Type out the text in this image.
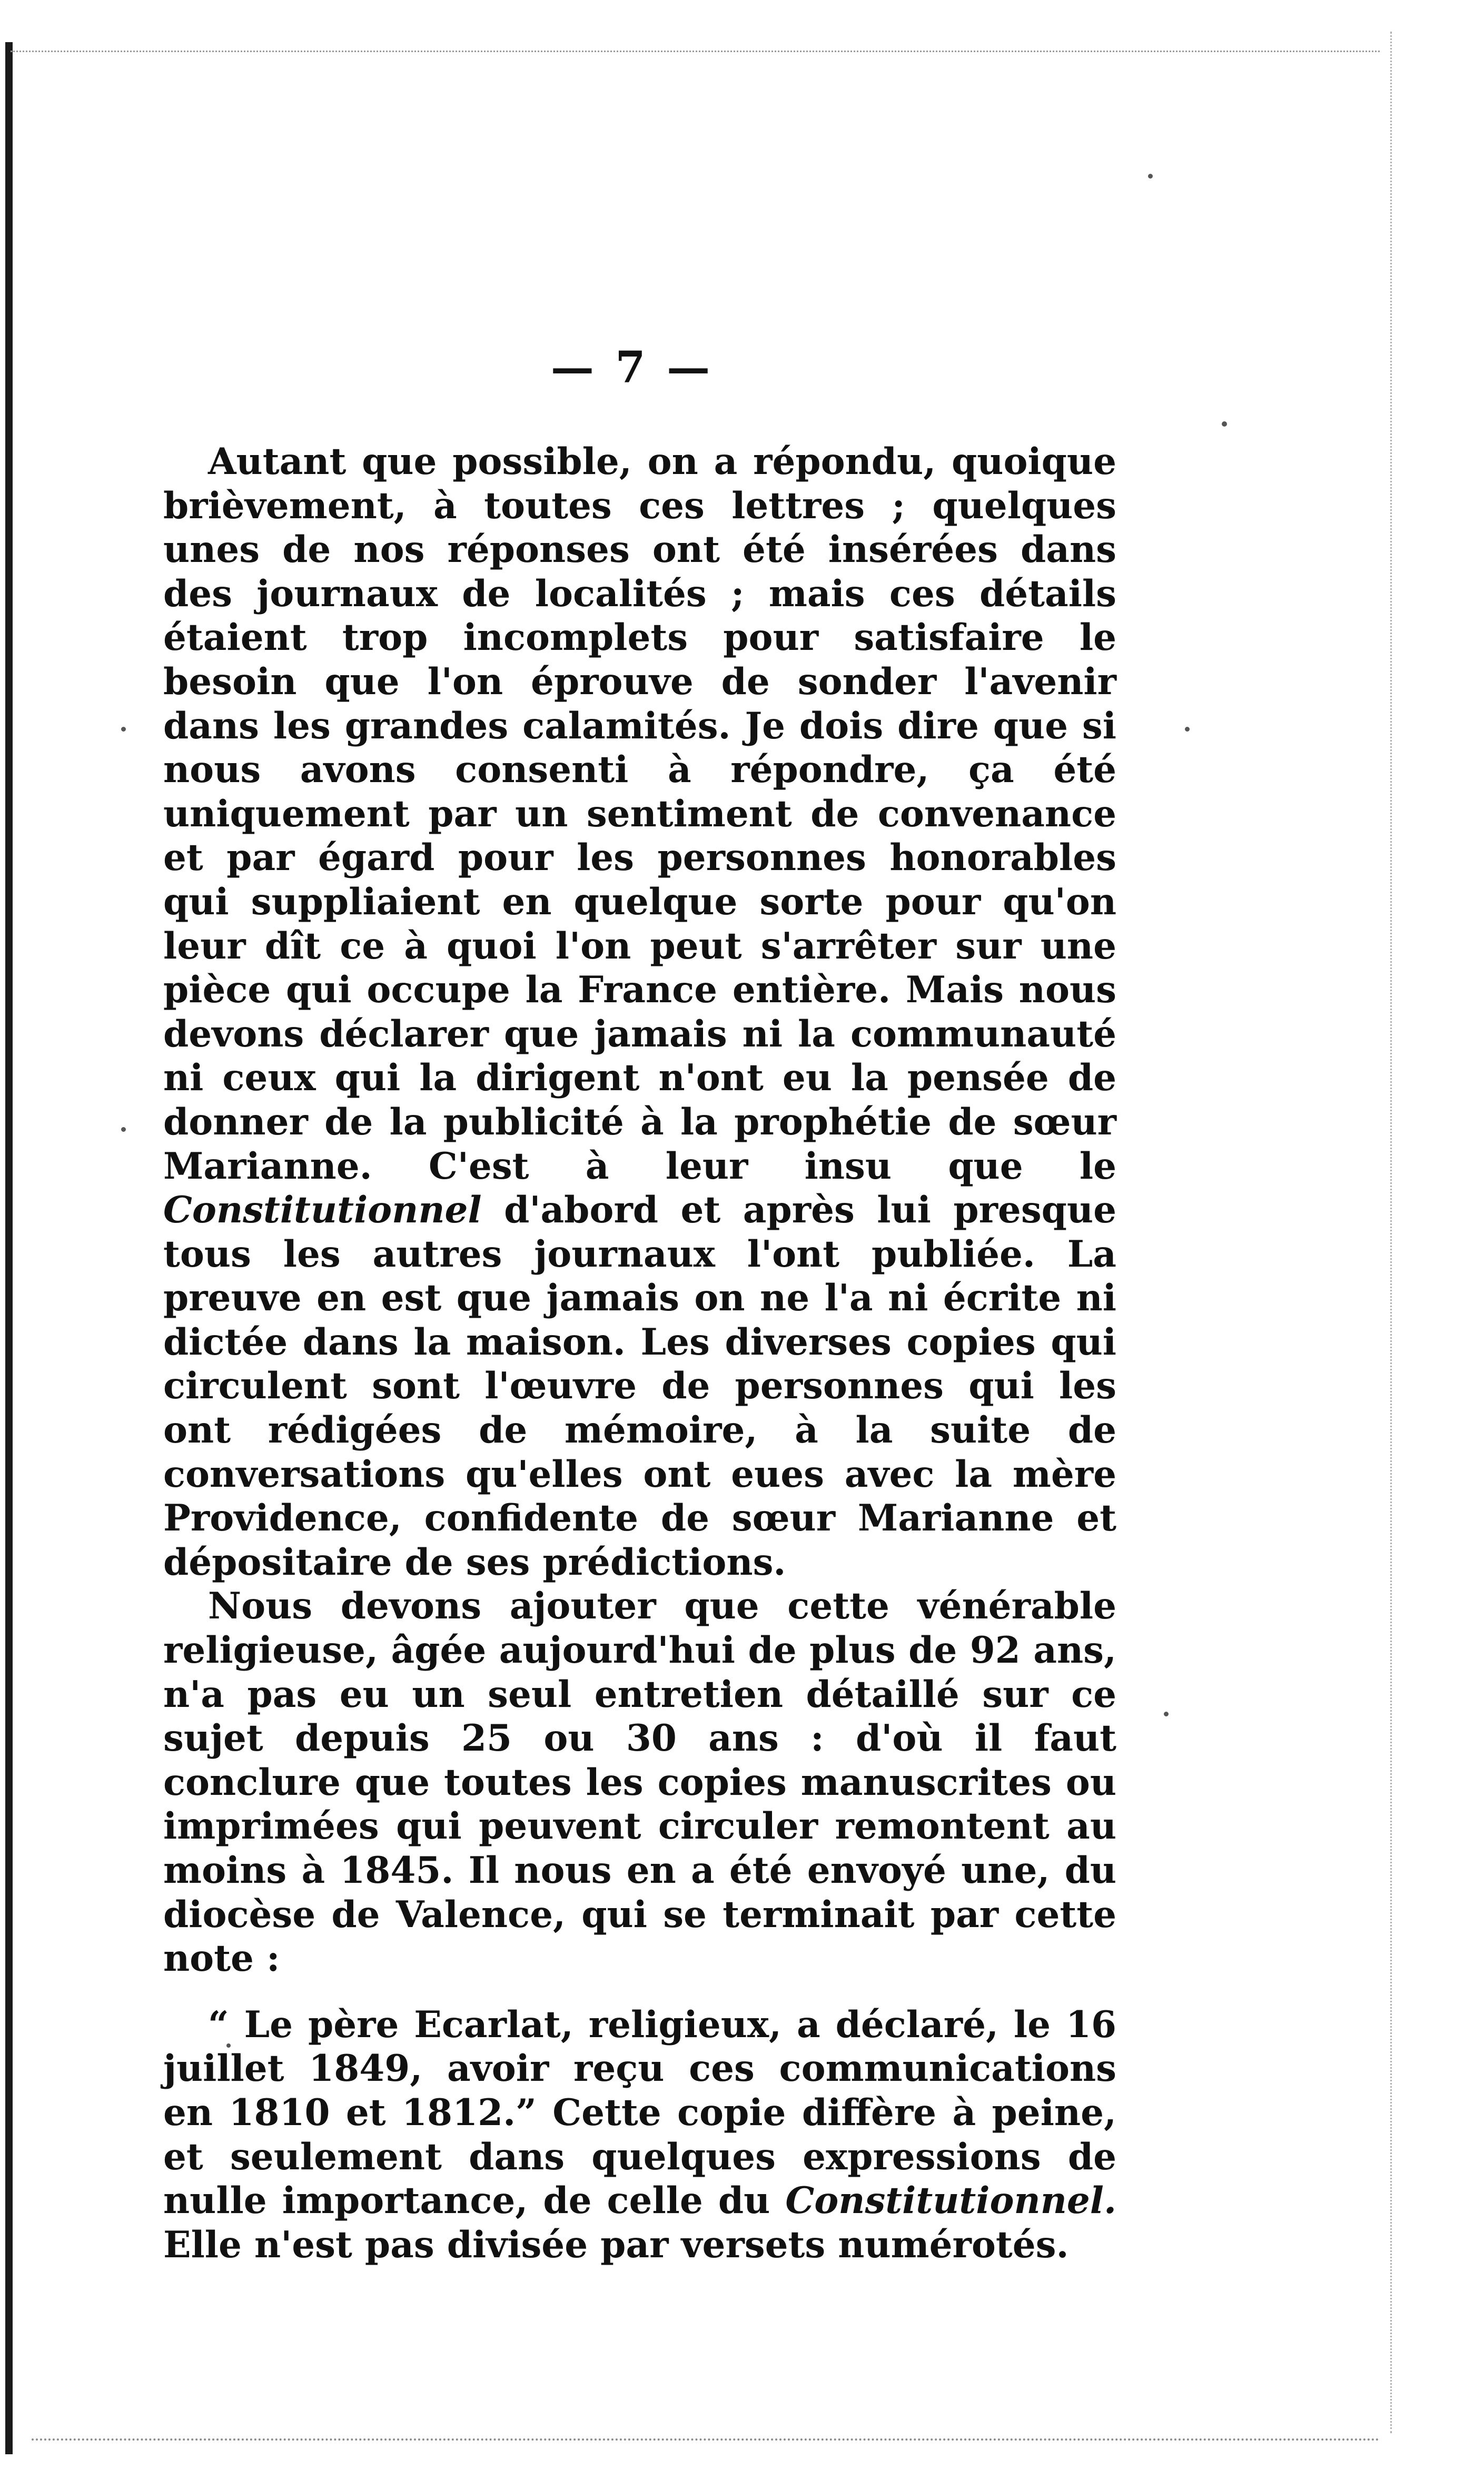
— 7 —

Autant que possible, on a répondu, quoique brièvement, à toutes ces lettres ; quelques unes de nos réponses ont été insérées dans des journaux de localités ; mais ces détails étaient trop incomplets pour satisfaire le besoin que l'on éprouve de sonder l'avenir dans les grandes calamités. Je dois dire que si nous avons consenti à répondre, ça été uniquement par un sentiment de convenance et par égard pour les personnes honorables qui suppliaient en quelque sorte pour qu'on leur dît ce à quoi l'on peut s'arrêter sur une pièce qui occupe la France entière. Mais nous devons déclarer que jamais ni la communauté ni ceux qui la dirigent n'ont eu la pensée de donner de la publicité à la prophétie de sœur Marianne. C'est à leur insu que le Constitutionnel d'abord et après lui presque tous les autres journaux l'ont publiée. La preuve en est que jamais on ne l'a ni écrite ni dictée dans la maison. Les diverses copies qui circulent sont l'œuvre de personnes qui les ont rédigées de mémoire, à la suite de conversations qu'elles ont eues avec la mère Providence, confidente de sœur Marianne et dépositaire de ses prédictions.

Nous devons ajouter que cette vénérable religieuse, âgée aujourd'hui de plus de 92 ans, n'a pas eu un seul entretien détaillé sur ce sujet depuis 25 ou 30 ans : d'où il faut conclure que toutes les copies manuscrites ou imprimées qui peuvent circuler remontent au moins à 1845. Il nous en a été envoyé une, du diocèse de Valence, qui se terminait par cette note :

“ Le père Ecarlat, religieux, a déclaré, le 16 juillet 1849, avoir reçu ces communications en 1810 et 1812.” Cette copie diffère à peine, et seulement dans quelques expressions de nulle importance, de celle du Constitutionnel. Elle n'est pas divisée par versets numérotés.
